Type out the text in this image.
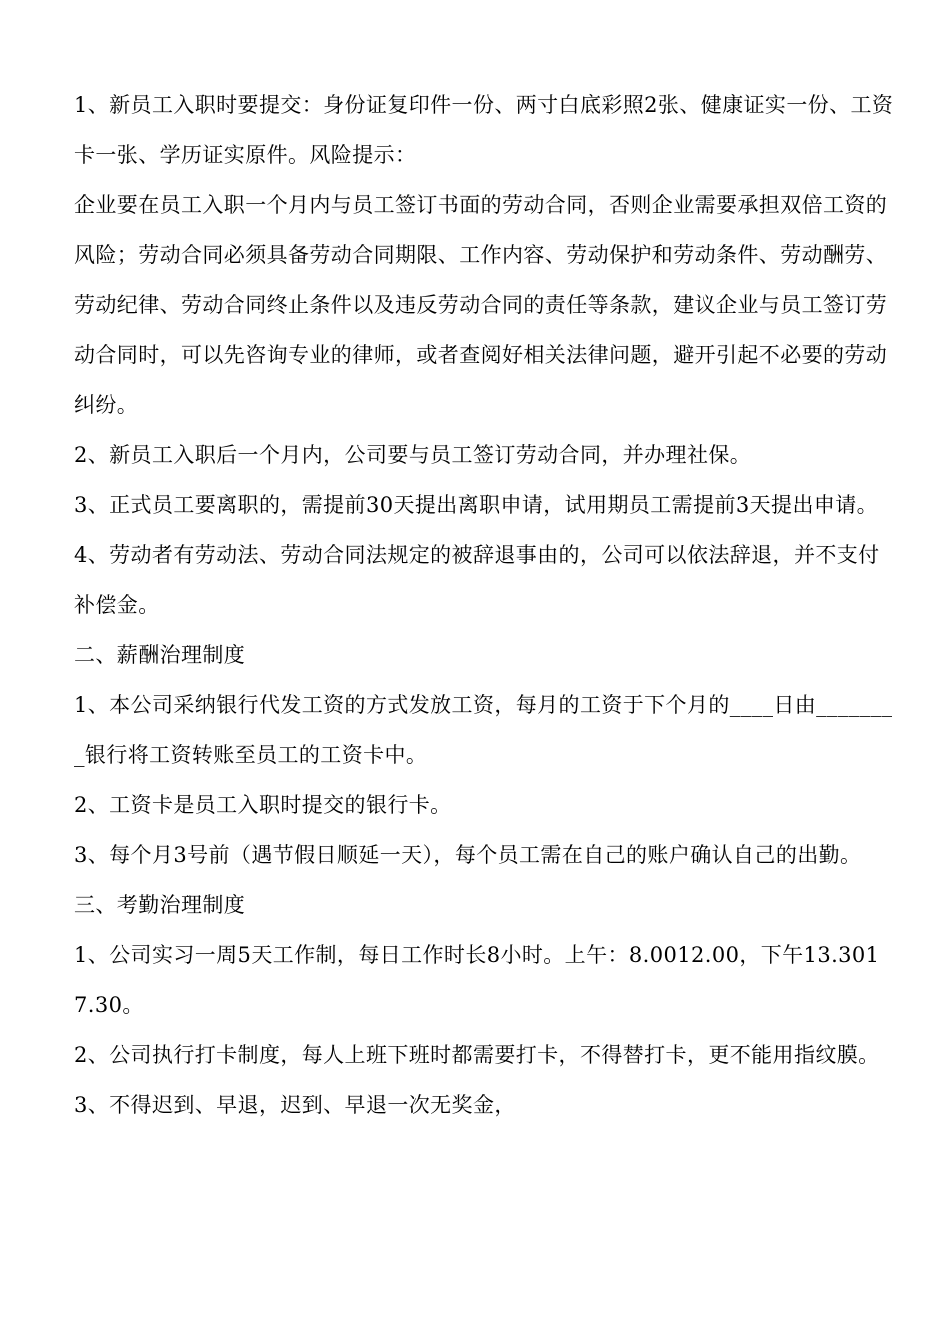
1、新员工入职时要提交：身份证复印件一份、两寸白底彩照2张、健康证实一份、工资卡一张、学历证实原件。风险提示：

企业要在员工入职一个月内与员工签订书面的劳动合同，否则企业需要承担双倍工资的风险；劳动合同必须具备劳动合同期限、工作内容、劳动保护和劳动条件、劳动酬劳、劳动纪律、劳动合同终止条件以及违反劳动合同的责任等条款，建议企业与员工签订劳动合同时，可以先咨询专业的律师，或者查阅好相关法律问题，避开引起不必要的劳动纠纷。

2、新员工入职后一个月内，公司要与员工签订劳动合同，并办理社保。

3、正式员工要离职的，需提前30天提出离职申请，试用期员工需提前3天提出申请。

4、劳动者有劳动法、劳动合同法规定的被辞退事由的，公司可以依法辞退，并不支付补偿金。

二、薪酬治理制度

1、本公司采纳银行代发工资的方式发放工资，每月的工资于下个月的____日由________银行将工资转账至员工的工资卡中。

2、工资卡是员工入职时提交的银行卡。

3、每个月3号前（遇节假日顺延一天），每个员工需在自己的账户确认自己的出勤。

三、考勤治理制度

1、公司实习一周5天工作制，每日工作时长8小时。上午：8.0012.00，下午13.3017.30。

2、公司执行打卡制度，每人上班下班时都需要打卡，不得替打卡，更不能用指纹膜。

3、不得迟到、早退，迟到、早退一次无奖金，
